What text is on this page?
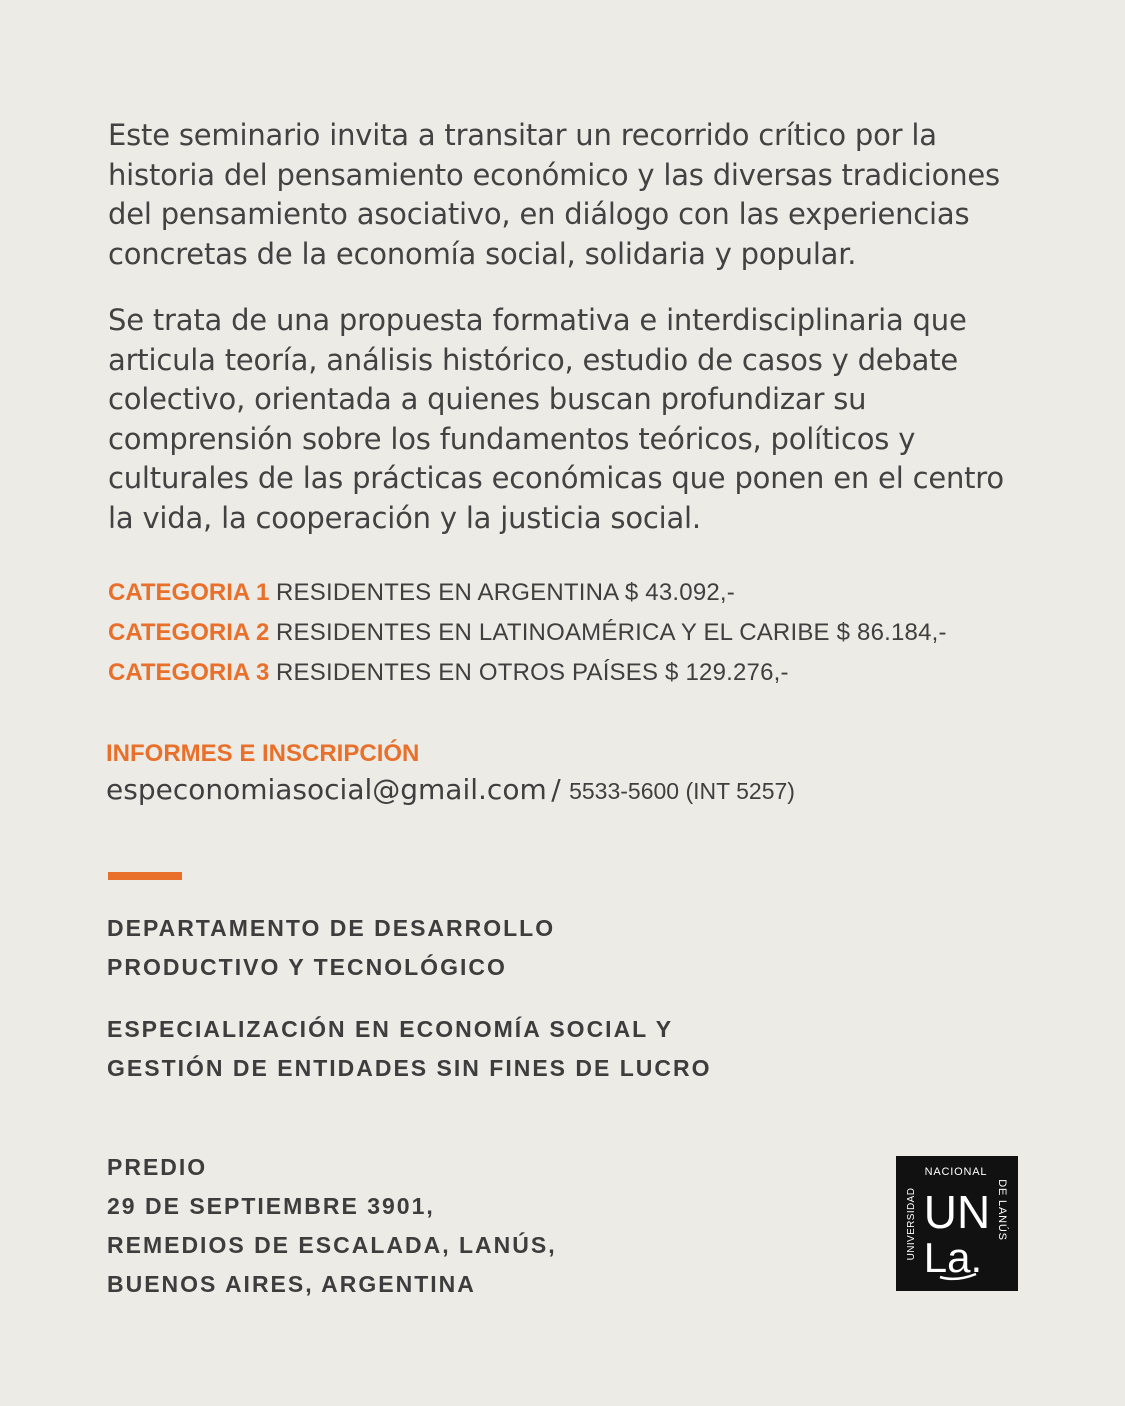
Este seminario invita a transitar un recorrido crítico por la historia del pensamiento económico y las diversas tradiciones del pensamiento asociativo, en diálogo con las experiencias concretas de la economía social, solidaria y popular.

Se trata de una propuesta formativa e interdisciplinaria que articula teoría, análisis histórico, estudio de casos y debate colectivo, orientada a quienes buscan profundizar su comprensión sobre los fundamentos teóricos, políticos y culturales de las prácticas económicas que ponen en el centro la vida, la cooperación y la justicia social.

CATEGORIA 1 RESIDENTES EN ARGENTINA $ 43.092,-
CATEGORIA 2 RESIDENTES EN LATINOAMÉRICA Y EL CARIBE $ 86.184,-
CATEGORIA 3 RESIDENTES EN OTROS PAÍSES $ 129.276,-
INFORMES E INSCRIPCIÓN
especonomiasocial@gmail.com / 5533-5600 (INT 5257)
DEPARTAMENTO DE DESARROLLO
PRODUCTIVO Y TECNOLÓGICO
ESPECIALIZACIÓN EN ECONOMÍA SOCIAL Y
GESTIÓN DE ENTIDADES SIN FINES DE LUCRO
PREDIO
29 DE SEPTIEMBRE 3901,
REMEDIOS DE ESCALADA, LANÚS,
BUENOS AIRES, ARGENTINA
NACIONAL
UNIVERSIDAD	DE LANÚS
UN
La.
